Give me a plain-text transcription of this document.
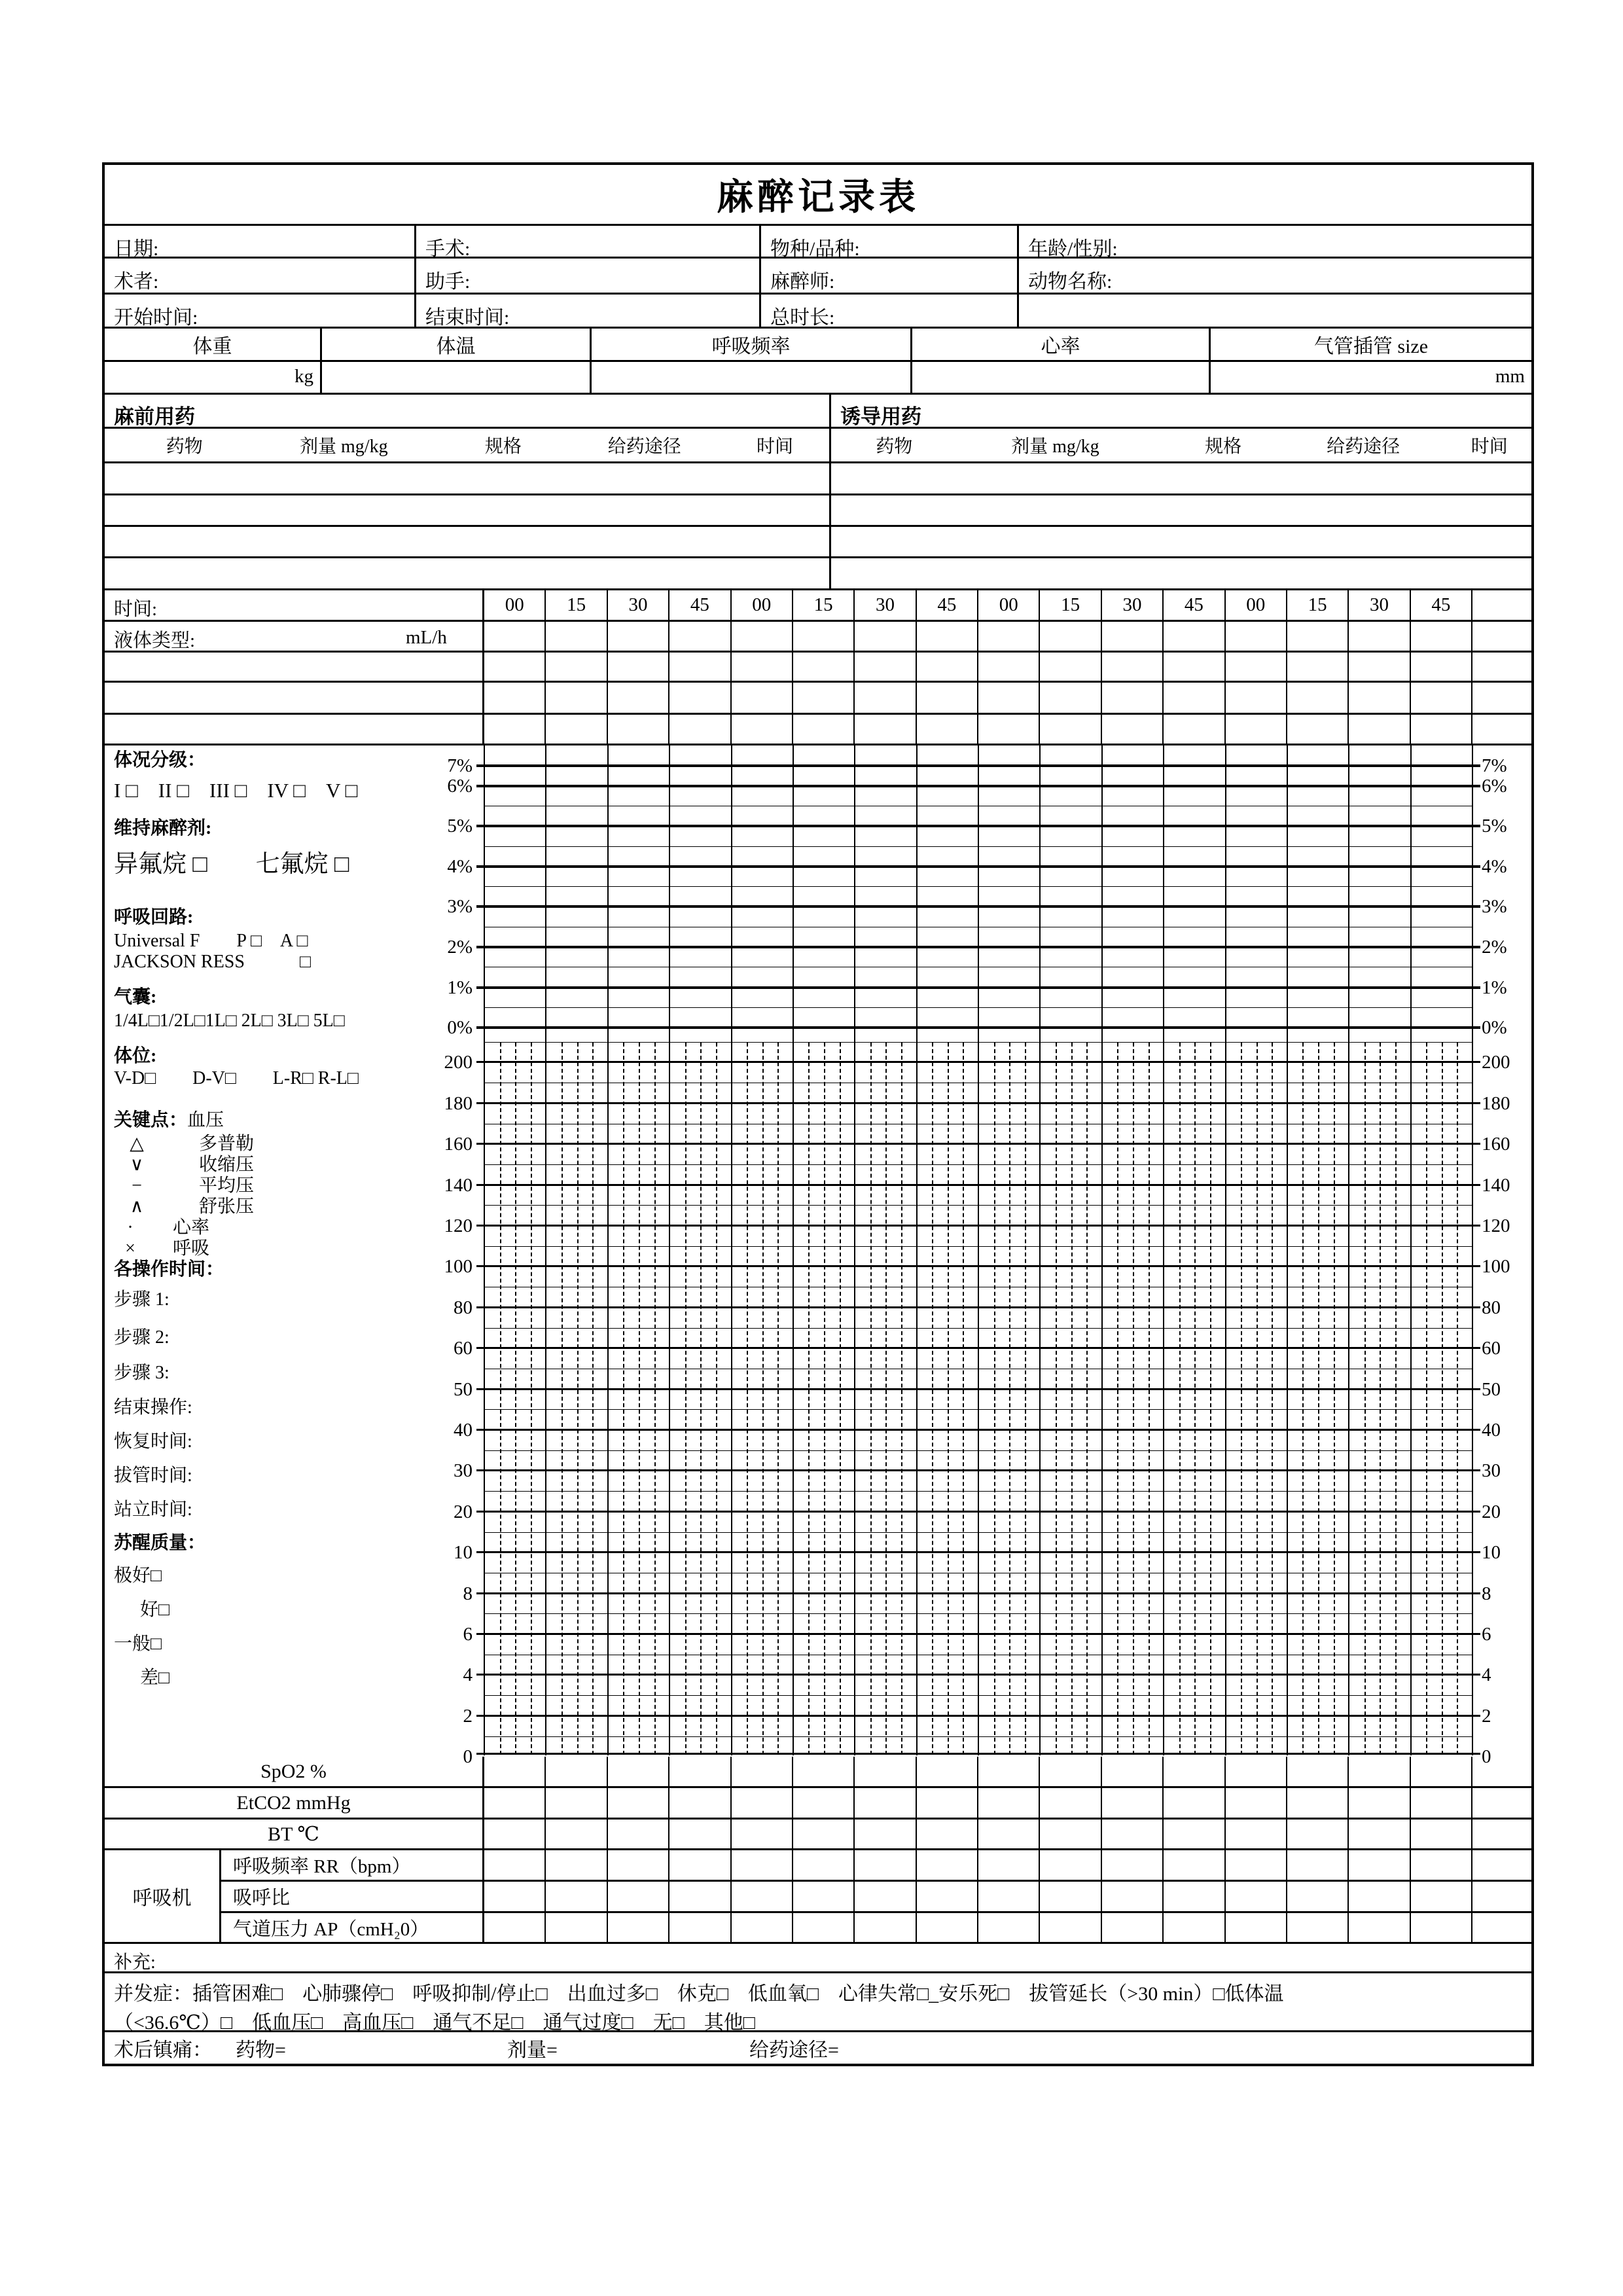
麻醉记录表
日期:	手术:	物种/品种:	年龄/性别:
术者:	助手:	麻醉师:	动物名称:
开始时间:	结束时间:	总时长:
体重	体温	呼吸频率	心率	气管插管 size
kg	mm
麻前用药	诱导用药
药物	剂量 mg/kg	规格	给药途径	时间	药物	剂量 mg/kg	规格	给药途径	时间
时间:	00	15	30	45	00	15	30	45	00	15	30	45	00	15	30	45
液体类型:	mL/h
7%	7%
6%	6%
5%	5%
4%	4%
3%	3%
2%	2%
1%	1%
0%	0%
200	200
180	180
160	160
140	140
120	120
100	100
80	80
60	60
50	50
40	40
30	30
20	20
10	10
8	8
6	6
4	4
2	2
0	0
体况分级：
I □　II □　III □　IV □　V □
维持麻醉剂:
异氟烷 □　　七氟烷 □
呼吸回路:
Universal F　　P □　A □
JACKSON RESS　　　□
气囊:
1/4L□1/2L□1L□ 2L□ 3L□ 5L□
体位:
V-D□　　D-V□　　L-R□ R-L□
关键点：血压
△	多普勒
∨	收缩压
−	平均压
∧	舒张压
· 心率
× 呼吸
各操作时间：
步骤 1:
步骤 2:
步骤 3:
结束操作:
恢复时间:
拔管时间:
站立时间:
苏醒质量：
极好□
好□
一般□
差□
SpO2 %
EtCO2 mmHg
BT ℃
呼吸机
呼吸频率 RR（bpm）
吸呼比
气道压力 AP（cmH₂0）
补充:
并发症：插管困难□　心肺骤停□　呼吸抑制/停止□　出血过多□　休克□　低血氧□　心律失常□_安乐死□　拔管延长（>30 min）□低体温
（<36.6℃）□　低血压□　高血压□　通气不足□　通气过度□　无□　其他□
术后镇痛： 药物=	剂量=	给药途径=
